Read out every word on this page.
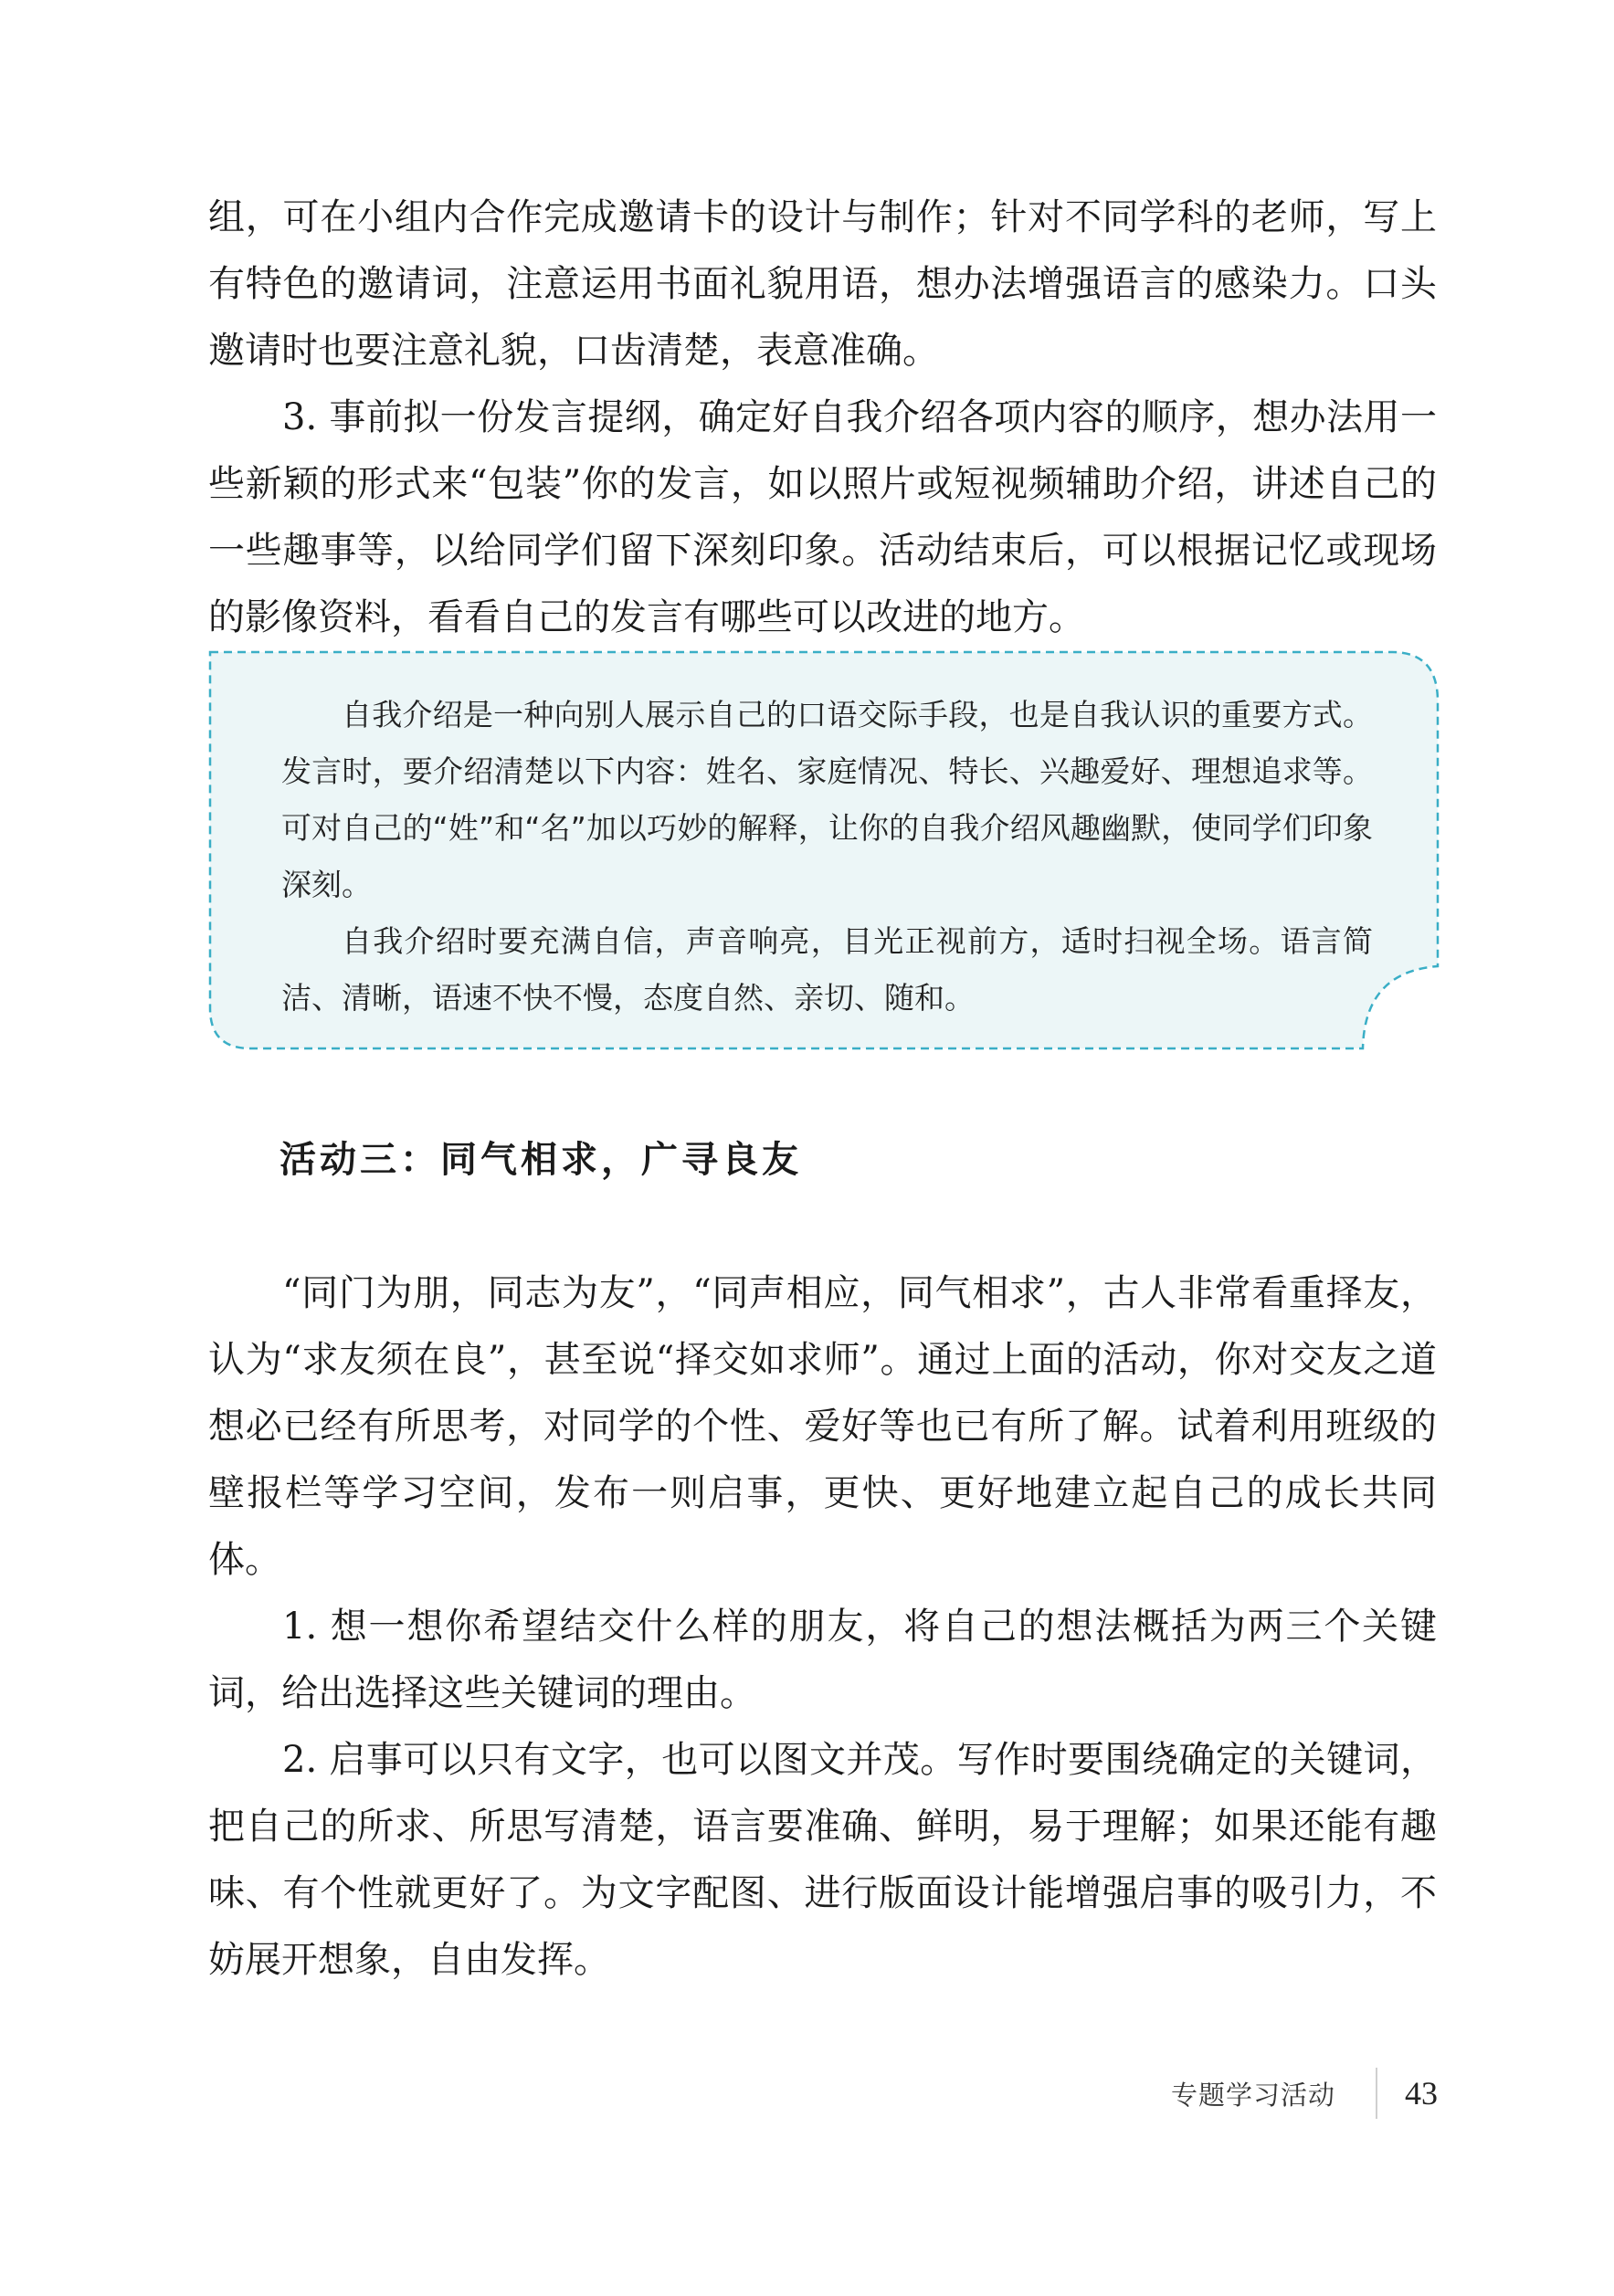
组，可在小组内合作完成邀请卡的设计与制作；针对不同学科的老师，写上有特色的邀请词，注意运用书面礼貌用语，想办法增强语言的感染力。口头邀请时也要注意礼貌，口齿清楚，表意准确。

3. 事前拟一份发言提纲，确定好自我介绍各项内容的顺序，想办法用一些新颖的形式来“包装”你的发言，如以照片或短视频辅助介绍，讲述自己的一些趣事等，以给同学们留下深刻印象。活动结束后，可以根据记忆或现场的影像资料，看看自己的发言有哪些可以改进的地方。

自我介绍是一种向别人展示自己的口语交际手段，也是自我认识的重要方式。发言时，要介绍清楚以下内容：姓名、家庭情况、特长、兴趣爱好、理想追求等。可对自己的“姓”和“名”加以巧妙的解释，让你的自我介绍风趣幽默，使同学们印象深刻。

自我介绍时要充满自信，声音响亮，目光正视前方，适时扫视全场。语言简洁、清晰，语速不快不慢，态度自然、亲切、随和。

活动三：同气相求，广寻良友

“同门为朋，同志为友”，“同声相应，同气相求”，古人非常看重择友，认为“求友须在良”，甚至说“择交如求师”。通过上面的活动，你对交友之道想必已经有所思考，对同学的个性、爱好等也已有所了解。试着利用班级的壁报栏等学习空间，发布一则启事，更快、更好地建立起自己的成长共同体。

1. 想一想你希望结交什么样的朋友，将自己的想法概括为两三个关键词，给出选择这些关键词的理由。

2. 启事可以只有文字，也可以图文并茂。写作时要围绕确定的关键词，把自己的所求、所思写清楚，语言要准确、鲜明，易于理解；如果还能有趣味、有个性就更好了。为文字配图、进行版面设计能增强启事的吸引力，不妨展开想象，自由发挥。

专题学习活动 43
